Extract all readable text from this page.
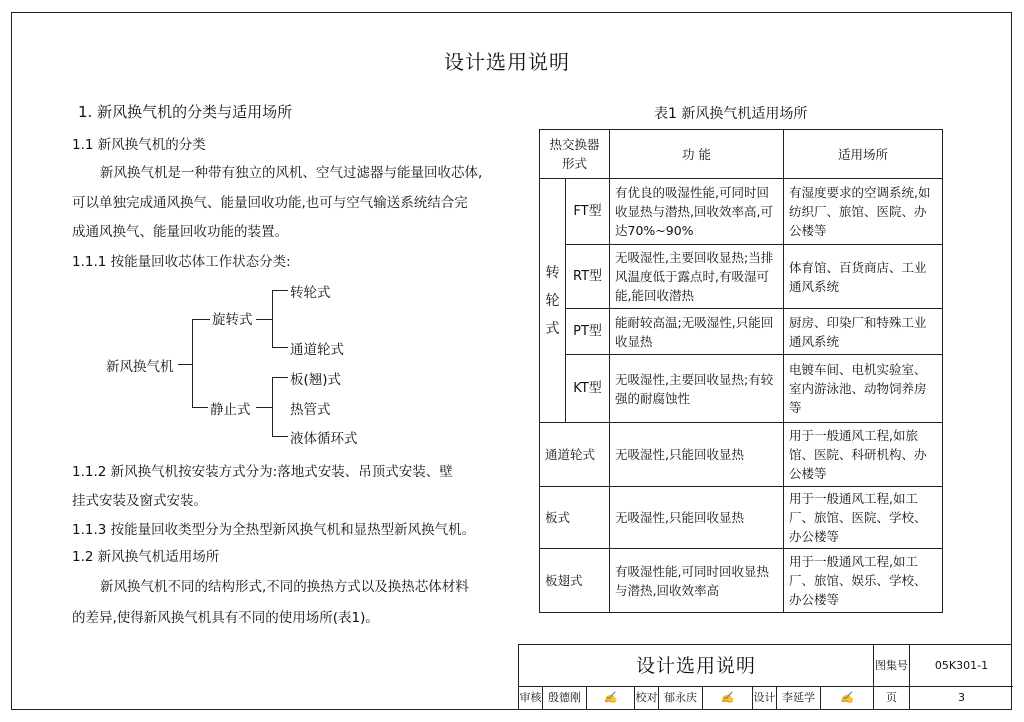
设计选用说明
1. 新风换气机的分类与适用场所
1.1 新风换气机的分类
新风换气机是一种带有独立的风机、空气过滤器与能量回收芯体,
可以单独完成通风换气、能量回收功能,也可与空气输送系统结合完
成通风换气、能量回收功能的装置。
1.1.1 按能量回收芯体工作状态分类:
新风换气机
旋转式
静止式
转轮式
通道轮式
板(翘)式
热管式
液体循环式
1.1.2 新风换气机按安装方式分为:落地式安装、吊顶式安装、壁
挂式安装及窗式安装。
1.1.3 按能量回收类型分为全热型新风换气机和显热型新风换气机。
1.2 新风换气机适用场所
新风换气机不同的结构形式,不同的换热方式以及换热芯体材料
的差异,使得新风换气机具有不同的使用场所(表1)。
表1 新风换气机适用场所
热交换器形式		功 能	适用场所
转轮式	FT型	有优良的吸湿性能,可同时回收显热与潜热,回收效率高,可达70%~90%	有湿度要求的空调系统,如纺织厂、旅馆、医院、办公楼等
	RT型	无吸湿性,主要回收显热;当排风温度低于露点时,有吸湿可能,能回收潜热	体育馆、百货商店、工业通风系统
	PT型	能耐较高温;无吸湿性,只能回收显热	厨房、印染厂和特殊工业通风系统
	KT型	无吸湿性,主要回收显热;有较强的耐腐蚀性	电镀车间、电机实验室、室内游泳池、动物饲养房等
通道轮式		无吸湿性,只能回收显热	用于一般通风工程,如旅馆、医院、科研机构、办公楼等
板式		无吸湿性,只能回收显热	用于一般通风工程,如工厂、旅馆、医院、学校、办公楼等
板翅式		有吸湿性能,可同时回收显热与潜热,回收效率高	用于一般通风工程,如工厂、旅馆、娱乐、学校、办公楼等
设计选用说明	图集号	05K301-1
审核 殷德刚	✍	校对 郁永庆	✍	设计 李延学	✍	页	3
